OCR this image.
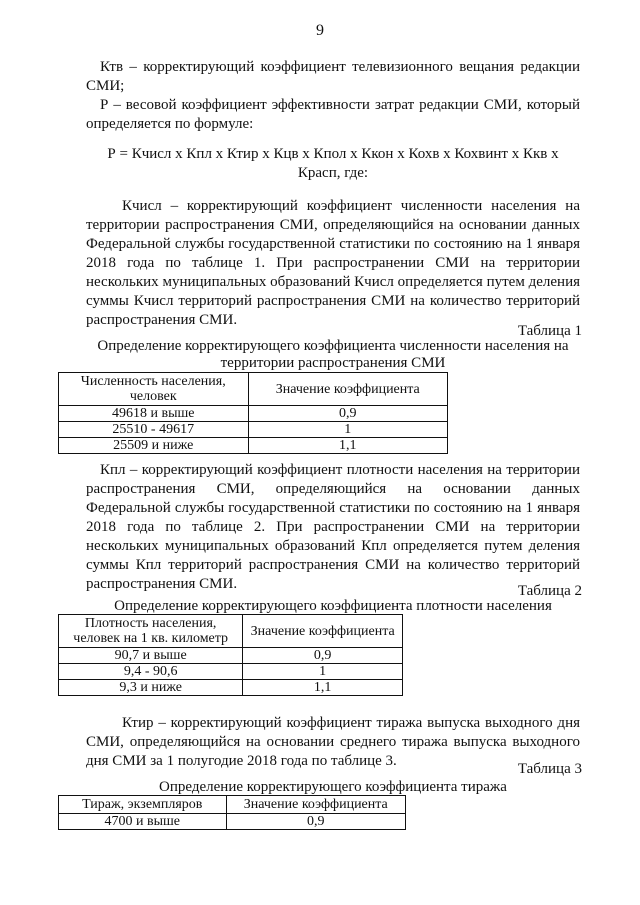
9

Ктв – корректирующий коэффициент телевизионного вещания редакции СМИ;

Р – весовой коэффициент эффективности затрат редакции СМИ, который определяется по формуле:

Р = Кчисл х Кпл х Ктир х Кцв х Кпол х Ккон х Кохв х Кохвинт х Ккв х

Красп, где:

Кчисл – корректирующий коэффициент численности населения на территории распространения СМИ, определяющийся на основании данных Федеральной службы государственной статистики по состоянию на 1 января 2018 года по таблице 1. При распространении СМИ на территории нескольких муниципальных образований Кчисл определяется путем деления суммы Кчисл территорий распространения СМИ на количество территорий распространения СМИ.

Таблица 1

Определение корректирующего коэффициента численности населения на территории распространения СМИ

Численность населения, человек	Значение коэффициента
49618 и выше	0,9
25510 - 49617	1
25509 и ниже	1,1

Кпл – корректирующий коэффициент плотности населения на территории распространения СМИ, определяющийся на основании данных Федеральной службы государственной статистики по состоянию на 1 января 2018 года по таблице 2. При распространении СМИ на территории нескольких муниципальных образований Кпл определяется путем деления суммы Кпл территорий распространения СМИ на количество территорий распространения СМИ.	Таблица 2

Определение корректирующего коэффициента плотности населения

Плотность населения, человек на 1 кв. километр	Значение коэффициента
90,7 и выше	0,9
9,4 - 90,6	1
9,3 и ниже	1,1

Ктир – корректирующий коэффициент тиража выпуска выходного дня СМИ, определяющийся на основании среднего тиража выпуска выходного дня СМИ за 1 полугодие 2018 года по таблице 3.	Таблица 3

Определение корректирующего коэффициента тиража

Тираж, экземпляров	Значение коэффициента
4700 и выше	0,9
